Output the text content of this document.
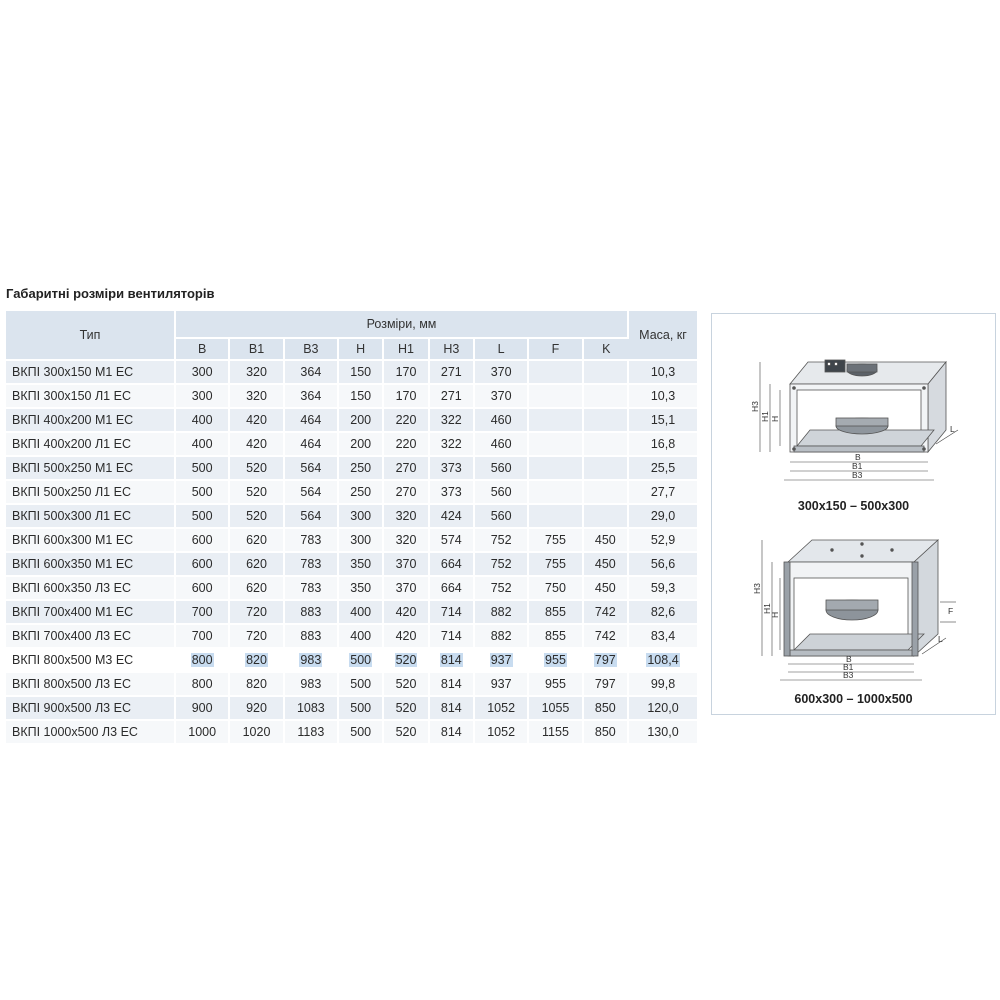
Габаритні розміри вентиляторів
Тип	Розміри, мм									Маса, кг
	B	B1	B3	H	H1	H3	L	F	K	
ВКПІ 300х150 М1 ЕС	300	320	364	150	170	271	370			10,3
ВКПІ 300х150 Л1 ЕС	300	320	364	150	170	271	370			10,3
ВКПІ 400х200 М1 ЕС	400	420	464	200	220	322	460			15,1
ВКПІ 400х200 Л1 ЕС	400	420	464	200	220	322	460			16,8
ВКПІ 500х250 М1 ЕС	500	520	564	250	270	373	560			25,5
ВКПІ 500х250 Л1 ЕС	500	520	564	250	270	373	560			27,7
ВКПІ 500х300 Л1 ЕС	500	520	564	300	320	424	560			29,0
ВКПІ 600х300 М1 ЕС	600	620	783	300	320	574	752	755	450	52,9
ВКПІ 600х350 М1 ЕС	600	620	783	350	370	664	752	755	450	56,6
ВКПІ 600х350 Л3 ЕС	600	620	783	350	370	664	752	750	450	59,3
ВКПІ 700х400 М1 ЕС	700	720	883	400	420	714	882	855	742	82,6
ВКПІ 700х400 Л3 ЕС	700	720	883	400	420	714	882	855	742	83,4
ВКПІ 800х500 М3 ЕС	800	820	983	500	520	814	937	955	797	108,4
ВКПІ 800х500 Л3 ЕС	800	820	983	500	520	814	937	955	797	99,8
ВКПІ 900х500 Л3 ЕС	900	920	1083	500	520	814	1052	1055	850	120,0
ВКПІ 1000х500 Л3 ЕС	1000	1020	1183	500	520	814	1052	1155	850	130,0
H3
H1 H
B
B1
B3
L
300x150 – 500x300
H3
H1
H
B
B1
B3
L
F
600x300 – 1000x500
